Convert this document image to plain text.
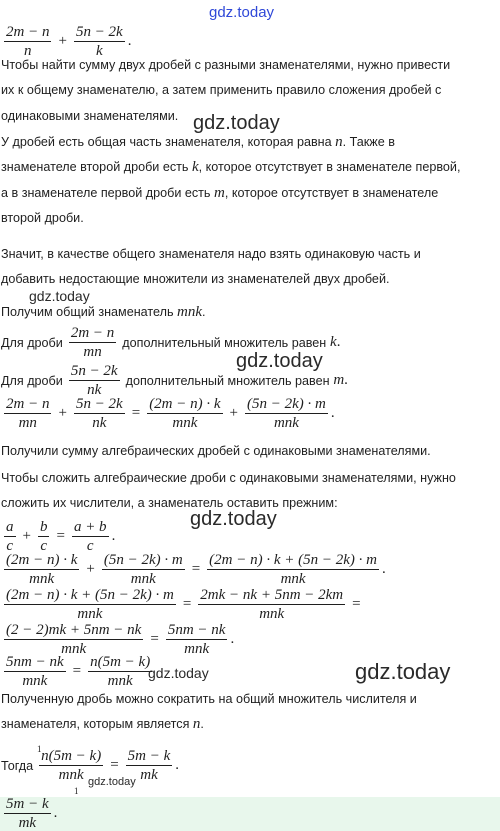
gdz.today
$\frac{2m - n}{n} + \frac{5n - 2k}{k}$ .
Чтобы найти сумму двух дробей с разными знаменателями, нужно привести
их к общему знаменателю, а затем применить правило сложения дробей с
одинаковыми знаменателями. gdz.today
У дробей есть общая часть знаменателя, которая равна n. Также в
знаменателе второй дроби есть k, которое отсутствует в знаменателе первой,
а в знаменателе первой дроби есть m, которое отсутствует в знаменателе
второй дроби.
Значит, в качестве общего знаменателя надо взять одинаковую часть и
добавить недостающие множители из знаменателей двух дробей.
gdz.today
Получим общий знаменатель mnk.
Для дроби $\frac{2m - n}{mn}$ дополнительный множитель равен
k .
gdz.today
Для дроби $\frac{5n - 2k}{nk}$ дополнительный множитель равен
m .
$\frac{2m - n}{mn} + \frac{5n - 2k}{nk} = \frac{(2m - n) \cdot k}{\text{mnk}} + \frac{(5n - 2k) \cdot m}{\text{mnk}}$ .
Получили сумму алгебраических дробей с одинаковыми знаменателями.
Чтобы сложить алгебраические дроби с одинаковыми знаменателями, нужно
сложить их числители, а знаменатель оставить прежним:
$\frac{a}{c} + \frac{b}{c} = \frac{a + b}{c}$ .
gdz.today
$\frac{(2m - n) \cdot k}{\text{mnk}} + \frac{(5n - 2k) \cdot m}{\text{mnk}} = \frac{(2m - n) \cdot k + (5n - 2k) \cdot m}{\text{mnk}}$ .
$\frac{(2m - n) \cdot k + (5n - 2k) \cdot m}{\text{mnk}} = \frac{2mk - nk + 5nm - 2km}{\text{mnk}}$ =
$\frac{(2 - 2)mk + 5nm - nk}{\text{mnk}} = \frac{5nm - nk}{\text{mnk}}$ .
$\frac{5nm - nk}{\text{mnk}} = \frac{n(5m - k)}{\text{mnk}}$
gdz.today	gdz.today
Полученную дробь можно сократить на общий множитель числителя и
знаменателя, которым является n.
Тогда $\frac{n(5m - k)}{\text{mnk}} = \frac{5m - k}{mk}$ .
1
1
gdz.today
$\frac{5m - k}{mk}$ .
